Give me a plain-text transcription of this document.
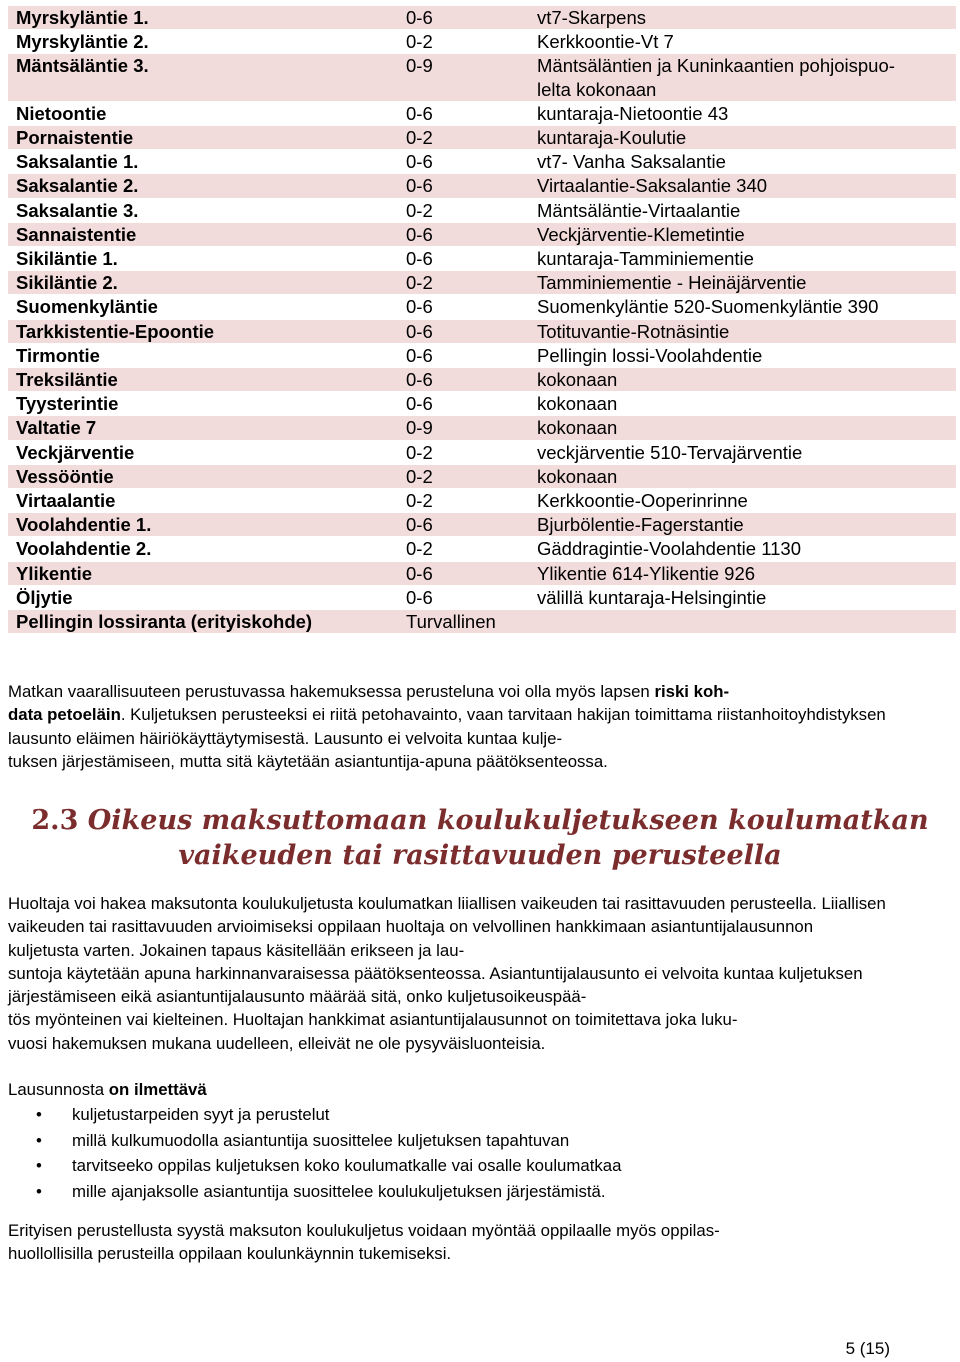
Myrskyläntie 1.	0-6	vt7-Skarpens
Myrskyläntie 2.	0-2	Kerkkoontie-Vt 7
Mäntsäläntie 3.	0-9	Mäntsäläntien ja Kuninkaantien pohjoispuo-
lelta kokonaan
Nietoontie	0-6	kuntaraja-Nietoontie 43
Pornaistentie	0-2	kuntaraja-Koulutie
Saksalantie 1.	0-6	vt7- Vanha Saksalantie
Saksalantie 2.	0-6	Virtaalantie-Saksalantie 340
Saksalantie 3.	0-2	Mäntsäläntie-Virtaalantie
Sannaistentie	0-6	Veckjärventie-Klemetintie
Sikiläntie 1.	0-6	kuntaraja-Tamminiementie
Sikiläntie 2.	0-2	Tamminiementie - Heinäjärventie
Suomenkyläntie	0-6	Suomenkyläntie 520-Suomenkyläntie 390
Tarkkistentie-Epoontie	0-6	Totituvantie-Rotnäsintie
Tirmontie	0-6	Pellingin lossi-Voolahdentie
Treksiläntie	0-6	kokonaan
Tyysterintie	0-6	kokonaan
Valtatie 7	0-9	kokonaan
Veckjärventie	0-2	veckjärventie 510-Tervajärventie
Vessööntie	0-2	kokonaan
Virtaalantie	0-2	Kerkkoontie-Ooperinrinne
Voolahdentie 1.	0-6	Bjurbölentie-Fagerstantie
Voolahdentie 2.	0-2	Gäddragintie-Voolahdentie 1130
Ylikentie	0-6	Ylikentie 614-Ylikentie 926
Öljytie	0-6	välillä kuntaraja-Helsingintie
Pellingin lossiranta (erityiskohde)	Turvallinen	

Matkan vaarallisuuteen perustuvassa hakemuksessa perusteluna voi olla myös lapsen riski koh-
data petoeläin. Kuljetuksen perusteeksi ei riitä petohavainto, vaan tarvitaan hakijan toimittama riistanhoitoyhdistyksen lausunto eläimen häiriökäyttäytymisestä. Lausunto ei velvoita kuntaa kulje-
tuksen järjestämiseen, mutta sitä käytetään asiantuntija-apuna päätöksenteossa.

2.3 Oikeus maksuttomaan koulukuljetukseen koulumatkan
vaikeuden tai rasittavuuden perusteella

Huoltaja voi hakea maksutonta koulukuljetusta koulumatkan liiallisen vaikeuden tai rasittavuuden perusteella. Liiallisen vaikeuden tai rasittavuuden arvioimiseksi oppilaan huoltaja on velvollinen hankkimaan asiantuntijalausunnon kuljetusta varten. Jokainen tapaus käsitellään erikseen ja lau-
suntoja käytetään apuna harkinnanvaraisessa päätöksenteossa. Asiantuntijalausunto ei velvoita kuntaa kuljetuksen järjestämiseen eikä asiantuntijalausunto määrää sitä, onko kuljetusoikeuspää-
tös myönteinen vai kielteinen. Huoltajan hankkimat asiantuntijalausunnot on toimitettava joka luku-
vuosi hakemuksen mukana uudelleen, elleivät ne ole pysyväisluonteisia.

Lausunnosta on ilmettävä

• kuljetustarpeiden syyt ja perustelut
• millä kulkumuodolla asiantuntija suosittelee kuljetuksen tapahtuvan
• tarvitseeko oppilas kuljetuksen koko koulumatkalle vai osalle koulumatkaa
• mille ajanjaksolle asiantuntija suosittelee koulukuljetuksen järjestämistä.

Erityisen perustellusta syystä maksuton koulukuljetus voidaan myöntää oppilaalle myös oppilas-
huollollisilla perusteilla oppilaan koulunkäynnin tukemiseksi.

5 (15)
